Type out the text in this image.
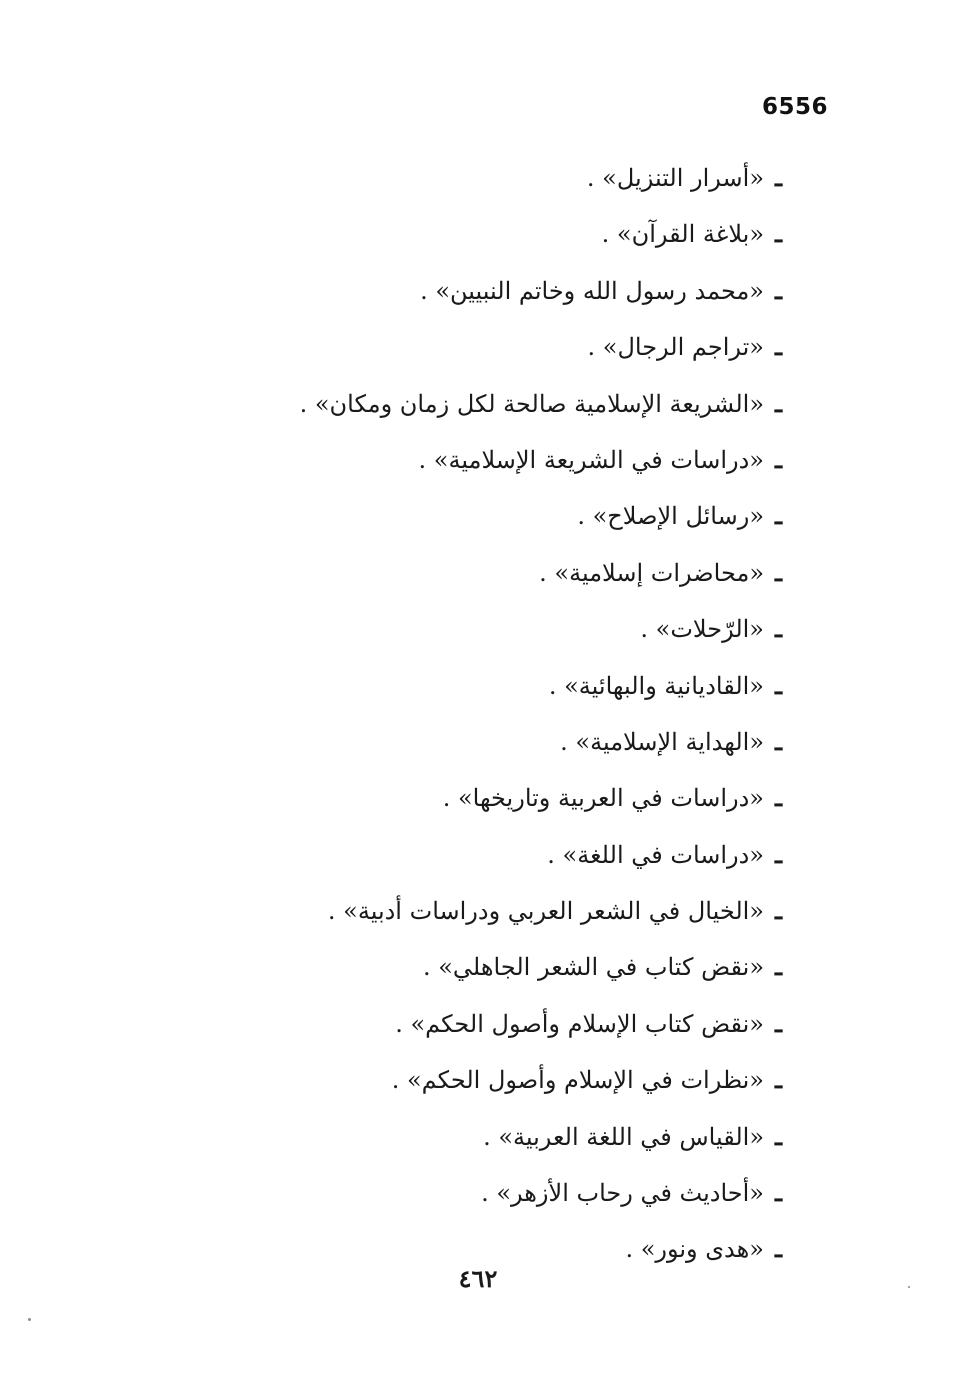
6556
ـ«أسرار التنزيل» .
ـ«بلاغة القرآن» .
ـ«محمد رسول الله وخاتم النبيين» .
ـ«تراجم الرجال» .
ـ«الشريعة الإسلامية صالحة لكل زمان ومكان» .
ـ«دراسات في الشريعة الإسلامية» .
ـ«رسائل الإصلاح» .
ـ«محاضرات إسلامية» .
ـ«الرّحلات» .
ـ«القاديانية والبهائية» .
ـ«الهداية الإسلامية» .
ـ«دراسات في العربية وتاريخها» .
ـ«دراسات في اللغة» .
ـ«الخيال في الشعر العربي ودراسات أدبية» .
ـ«نقض كتاب في الشعر الجاهلي» .
ـ«نقض كتاب الإسلام وأصول الحكم» .
ـ«نظرات في الإسلام وأصول الحكم» .
ـ«القياس في اللغة العربية» .
ـ«أحاديث في رحاب الأزهر» .
ـ«هدى ونور» .
٤٦٢
